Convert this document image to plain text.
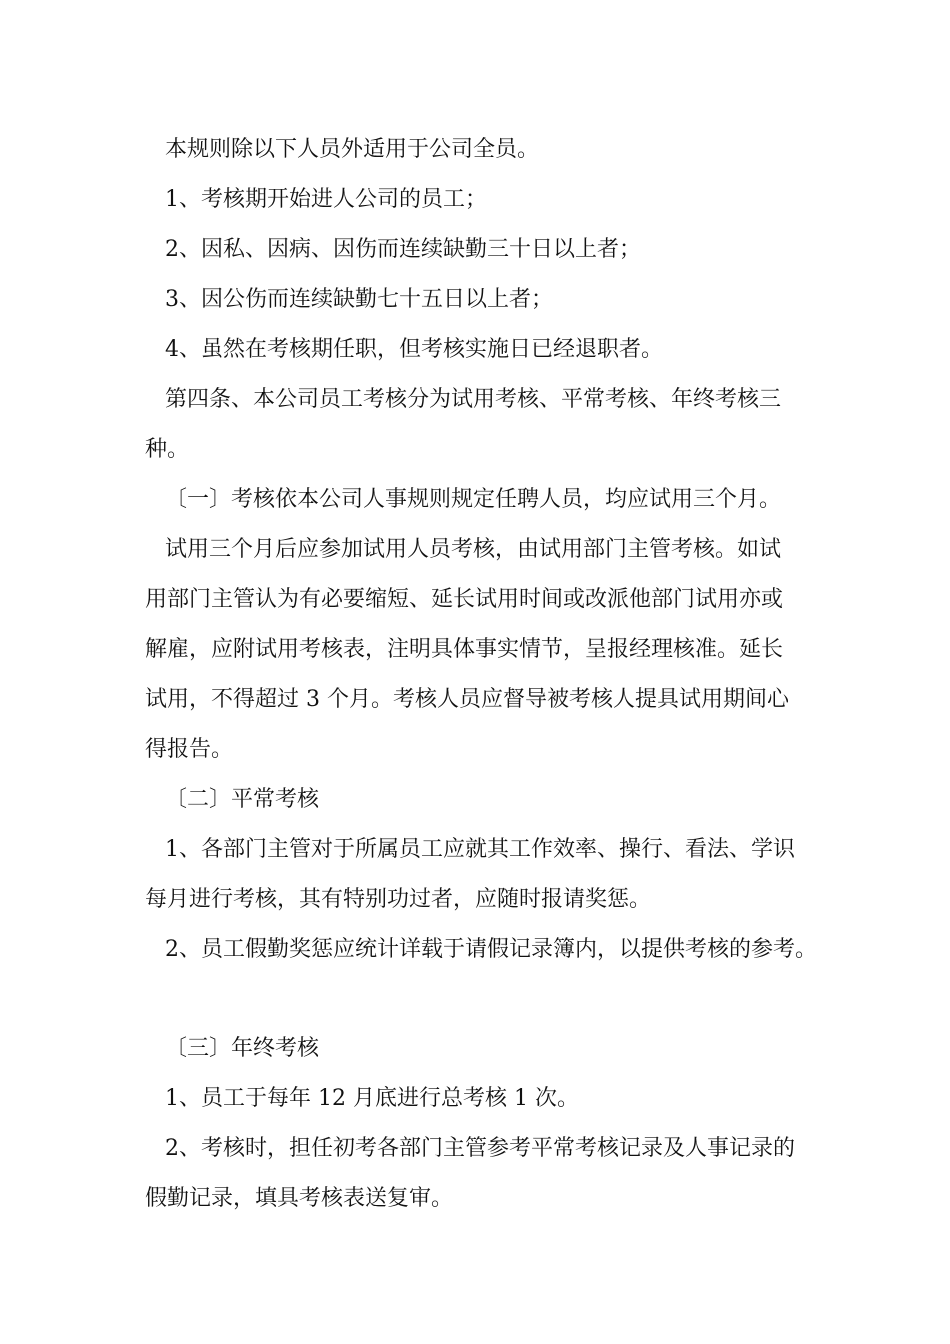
本规则除以下人员外适用于公司全员。
1、考核期开始进人公司的员工；
2、因私、因病、因伤而连续缺勤三十日以上者；
3、因公伤而连续缺勤七十五日以上者；
4、虽然在考核期任职，但考核实施日已经退职者。
第四条、本公司员工考核分为试用考核、平常考核、年终考核三
种。
〔一〕考核依本公司人事规则规定任聘人员，均应试用三个月。
试用三个月后应参加试用人员考核，由试用部门主管考核。如试
用部门主管认为有必要缩短、延长试用时间或改派他部门试用亦或
解雇，应附试用考核表，注明具体事实情节，呈报经理核准。延长
试用，不得超过 3 个月。考核人员应督导被考核人提具试用期间心
得报告。
〔二〕平常考核
1、各部门主管对于所属员工应就其工作效率、操行、看法、学识
每月进行考核，其有特别功过者，应随时报请奖惩。
2、员工假勤奖惩应统计详载于请假记录簿内，以提供考核的参考。
〔三〕年终考核
1、员工于每年 12 月底进行总考核 1 次。
2、考核时，担任初考各部门主管参考平常考核记录及人事记录的
假勤记录，填具考核表送复审。
